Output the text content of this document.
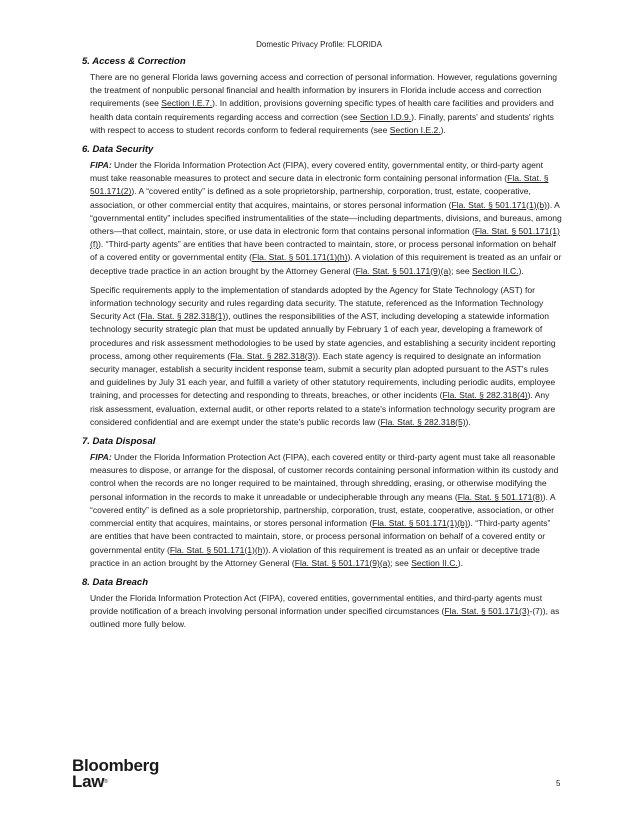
Domestic Privacy Profile: FLORIDA
5. Access & Correction

There are no general Florida laws governing access and correction of personal information. However, regulations governing the treatment of nonpublic personal financial and health information by insurers in Florida include access and correction requirements (see Section I.E.7.). In addition, provisions governing specific types of health care facilities and providers and health data contain requirements regarding access and correction (see Section I.D.9.). Finally, parents' and students' rights with respect to access to student records conform to federal requirements (see Section I.E.2.).

6. Data Security

FIPA: Under the Florida Information Protection Act (FIPA), every covered entity, governmental entity, or third-party agent must take reasonable measures to protect and secure data in electronic form containing personal information (Fla. Stat. § 501.171(2)). A “covered entity” is defined as a sole proprietorship, partnership, corporation, trust, estate, cooperative, association, or other commercial entity that acquires, maintains, or stores personal information (Fla. Stat. § 501.171(1)(b)). A “governmental entity” includes specified instrumentalities of the state—including departments, divisions, and bureaus, among others—that collect, maintain, store, or use data in electronic form that contains personal information (Fla. Stat. § 501.171(1)(f)). “Third-party agents” are entities that have been contracted to maintain, store, or process personal information on behalf of a covered entity or governmental entity (Fla. Stat. § 501.171(1)(h)). A violation of this requirement is treated as an unfair or deceptive trade practice in an action brought by the Attorney General (Fla. Stat. § 501.171(9)(a); see Section II.C.).

Specific requirements apply to the implementation of standards adopted by the Agency for State Technology (AST) for information technology security and rules regarding data security. The statute, referenced as the Information Technology Security Act (Fla. Stat. § 282.318(1)), outlines the responsibilities of the AST, including developing a statewide information technology security strategic plan that must be updated annually by February 1 of each year, developing a framework of procedures and risk assessment methodologies to be used by state agencies, and establishing a security incident reporting process, among other requirements (Fla. Stat. § 282.318(3)). Each state agency is required to designate an information security manager, establish a security incident response team, submit a security plan adopted pursuant to the AST's rules and guidelines by July 31 each year, and fulfill a variety of other statutory requirements, including periodic audits, employee training, and processes for detecting and responding to threats, breaches, or other incidents (Fla. Stat. § 282.318(4)). Any risk assessment, evaluation, external audit, or other reports related to a state's information technology security program are considered confidential and are exempt under the state's public records law (Fla. Stat. § 282.318(5)).

7. Data Disposal

FIPA: Under the Florida Information Protection Act (FIPA), each covered entity or third-party agent must take all reasonable measures to dispose, or arrange for the disposal, of customer records containing personal information within its custody and control when the records are no longer required to be maintained, through shredding, erasing, or otherwise modifying the personal information in the records to make it unreadable or undecipherable through any means (Fla. Stat. § 501.171(8)). A “covered entity” is defined as a sole proprietorship, partnership, corporation, trust, estate, cooperative, association, or other commercial entity that acquires, maintains, or stores personal information (Fla. Stat. § 501.171(1)(b)). “Third-party agents” are entities that have been contracted to maintain, store, or process personal information on behalf of a covered entity or governmental entity (Fla. Stat. § 501.171(1)(h)). A violation of this requirement is treated as an unfair or deceptive trade practice in an action brought by the Attorney General (Fla. Stat. § 501.171(9)(a); see Section II.C.).

8. Data Breach

Under the Florida Information Protection Act (FIPA), covered entities, governmental entities, and third-party agents must provide notification of a breach involving personal information under specified circumstances (Fla. Stat. § 501.171(3)-(7)), as outlined more fully below.

Bloomberg
Law®	5
